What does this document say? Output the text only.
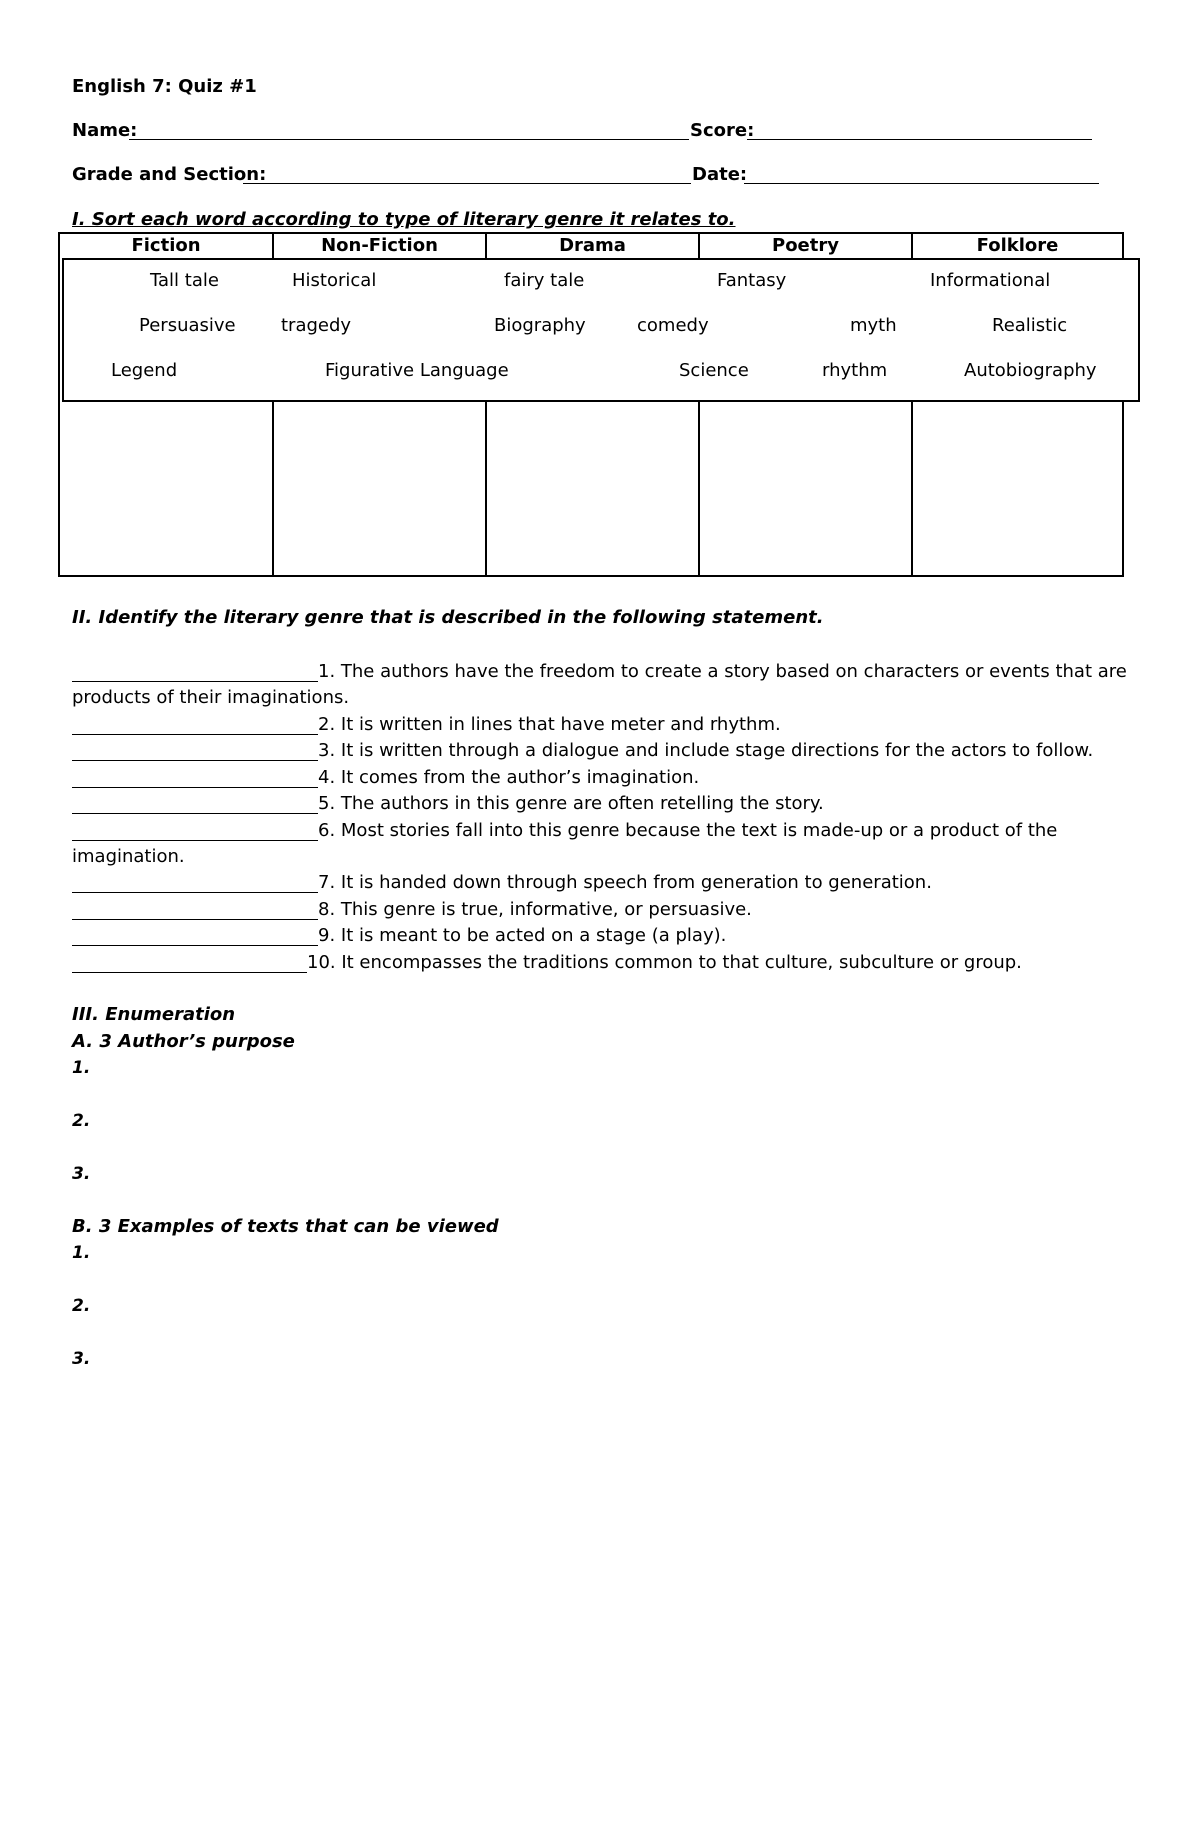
English 7: Quiz #1
Name:	Score:
Grade and Section:	Date:
I. Sort each word according to type of literary genre it relates to.
Fiction	Non-Fiction	Drama	Poetry	Folklore
Tall tale	Historical	fairy tale	Fantasy	Informational
Persuasive	tragedy	Biography	comedy	myth	Realistic
Legend	Figurative Language	Science	rhythm	Autobiography
II. Identify the literary genre that is described in the following statement.
1. The authors have the freedom to create a story based on characters or events that are
products of their imaginations.
2. It is written in lines that have meter and rhythm.
3. It is written through a dialogue and include stage directions for the actors to follow.
4. It comes from the author’s imagination.
5. The authors in this genre are often retelling the story.
6. Most stories fall into this genre because the text is made-up or a product of the
imagination.
7. It is handed down through speech from generation to generation.
8. This genre is true, informative, or persuasive.
9. It is meant to be acted on a stage (a play).
10. It encompasses the traditions common to that culture, subculture or group.
III. Enumeration
A. 3 Author’s purpose
1.
2.
3.
B. 3 Examples of texts that can be viewed
1.
2.
3.
